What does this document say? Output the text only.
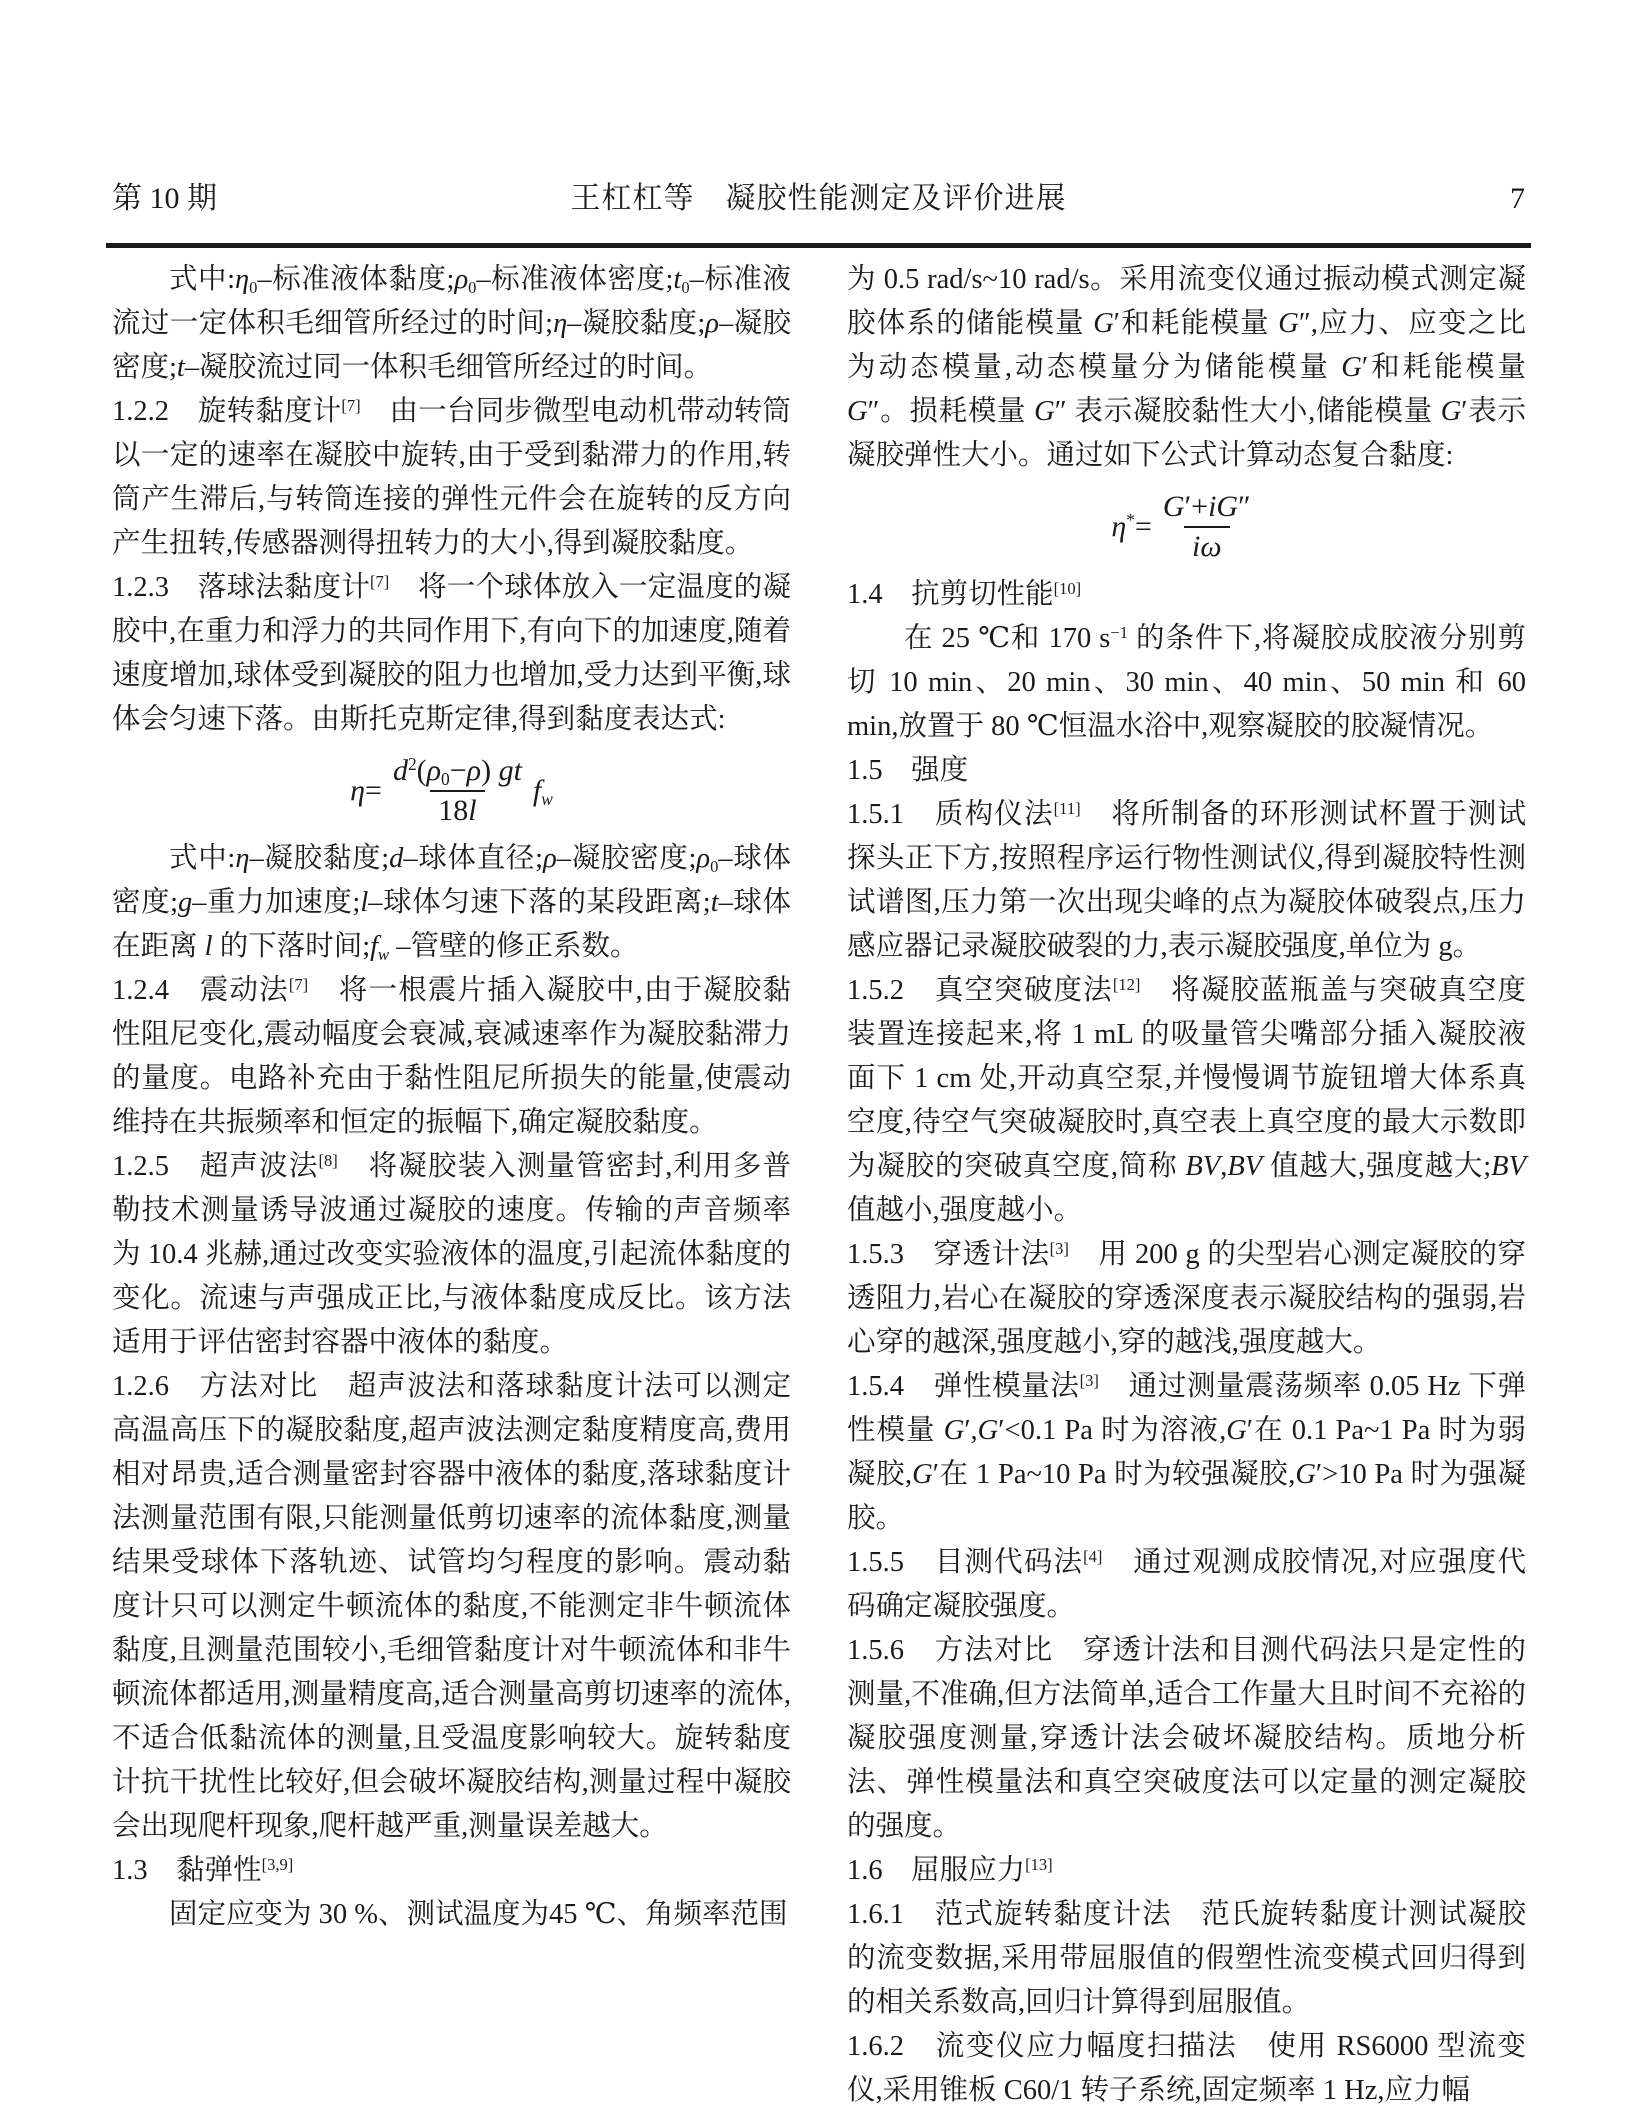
第 10 期	王杠杠等　凝胶性能测定及评价进展	7

式中:η0–标准液体黏度;ρ0–标准液体密度;t0–标准液流过一定体积毛细管所经过的时间;η–凝胶黏度;ρ–凝胶密度;t–凝胶流过同一体积毛细管所经过的时间。

1.2.2　旋转黏度计[7]　由一台同步微型电动机带动转筒以一定的速率在凝胶中旋转,由于受到黏滞力的作用,转筒产生滞后,与转筒连接的弹性元件会在旋转的反方向产生扭转,传感器测得扭转力的大小,得到凝胶黏度。

1.2.3　落球法黏度计[7]　将一个球体放入一定温度的凝胶中,在重力和浮力的共同作用下,有向下的加速度,随着速度增加,球体受到凝胶的阻力也增加,受力达到平衡,球体会匀速下落。由斯托克斯定律,得到黏度表达式:

$\eta= \frac{d^2(\rho 0-\rho) gt}{18l}$ fw

式中:η–凝胶黏度;d–球体直径;ρ–凝胶密度;ρ0–球体密度;g–重力加速度;l–球体匀速下落的某段距离;t–球体在距离 l 的下落时间;fw –管壁的修正系数。

1.2.4　震动法[7]　将一根震片插入凝胶中,由于凝胶黏性阻尼变化,震动幅度会衰减,衰减速率作为凝胶黏滞力的量度。电路补充由于黏性阻尼所损失的能量,使震动维持在共振频率和恒定的振幅下,确定凝胶黏度。

1.2.5　超声波法[8]　将凝胶装入测量管密封,利用多普勒技术测量诱导波通过凝胶的速度。传输的声音频率为 10.4 兆赫,通过改变实验液体的温度,引起流体黏度的变化。流速与声强成正比,与液体黏度成反比。该方法适用于评估密封容器中液体的黏度。

1.2.6　方法对比　超声波法和落球黏度计法可以测定高温高压下的凝胶黏度,超声波法测定黏度精度高,费用相对昂贵,适合测量密封容器中液体的黏度,落球黏度计法测量范围有限,只能测量低剪切速率的流体黏度,测量结果受球体下落轨迹、试管均匀程度的影响。震动黏度计只可以测定牛顿流体的黏度,不能测定非牛顿流体黏度,且测量范围较小,毛细管黏度计对牛顿流体和非牛顿流体都适用,测量精度高,适合测量高剪切速率的流体,不适合低黏流体的测量,且受温度影响较大。旋转黏度计抗干扰性比较好,但会破坏凝胶结构,测量过程中凝胶会出现爬杆现象,爬杆越严重,测量误差越大。

1.3　黏弹性[3,9]

固定应变为 30 %、测试温度为45 ℃、角频率范围

为 0.5 rad/s~10 rad/s。采用流变仪通过振动模式测定凝胶体系的储能模量 G′和耗能模量 G″,应力、应变之比为动态模量,动态模量分为储能模量 G′和耗能模量 G″。损耗模量 G″ 表示凝胶黏性大小,储能模量 G′表示凝胶弹性大小。通过如下公式计算动态复合黏度:

$\eta^*= \frac{G'+iG''}{i\omega}$

1.4　抗剪切性能[10]

在 25 ℃和 170 $s^{-1}$ 的条件下,将凝胶成胶液分别剪切 10 min、20 min、30 min、40 min、50 min 和 60 min,放置于 80 ℃恒温水浴中,观察凝胶的胶凝情况。

1.5　强度

1.5.1　质构仪法[11]　将所制备的环形测试杯置于测试探头正下方,按照程序运行物性测试仪,得到凝胶特性测试谱图,压力第一次出现尖峰的点为凝胶体破裂点,压力感应器记录凝胶破裂的力,表示凝胶强度,单位为 g。

1.5.2　真空突破度法[12]　将凝胶蓝瓶盖与突破真空度装置连接起来,将 1 mL 的吸量管尖嘴部分插入凝胶液面下 1 cm 处,开动真空泵,并慢慢调节旋钮增大体系真空度,待空气突破凝胶时,真空表上真空度的最大示数即为凝胶的突破真空度,简称 BV,BV 值越大,强度越大;BV 值越小,强度越小。

1.5.3　穿透计法[3]　用 200 g 的尖型岩心测定凝胶的穿透阻力,岩心在凝胶的穿透深度表示凝胶结构的强弱,岩心穿的越深,强度越小,穿的越浅,强度越大。

1.5.4　弹性模量法[3]　通过测量震荡频率 0.05 Hz 下弹性模量 G′,G′<0.1 Pa 时为溶液,G′在 0.1 Pa~1 Pa 时为弱凝胶,G′在 1 Pa~10 Pa 时为较强凝胶,G′>10 Pa 时为强凝胶。

1.5.5　目测代码法[4]　通过观测成胶情况,对应强度代码确定凝胶强度。

1.5.6　方法对比　穿透计法和目测代码法只是定性的测量,不准确,但方法简单,适合工作量大且时间不充裕的凝胶强度测量,穿透计法会破坏凝胶结构。质地分析法、弹性模量法和真空突破度法可以定量的测定凝胶的强度。

1.6　屈服应力[13]

1.6.1　范式旋转黏度计法　范氏旋转黏度计测试凝胶的流变数据,采用带屈服值的假塑性流变模式回归得到的相关系数高,回归计算得到屈服值。

1.6.2　流变仪应力幅度扫描法　使用 RS6000 型流变仪,采用锥板 C60/1 转子系统,固定频率 1 Hz,应力幅
